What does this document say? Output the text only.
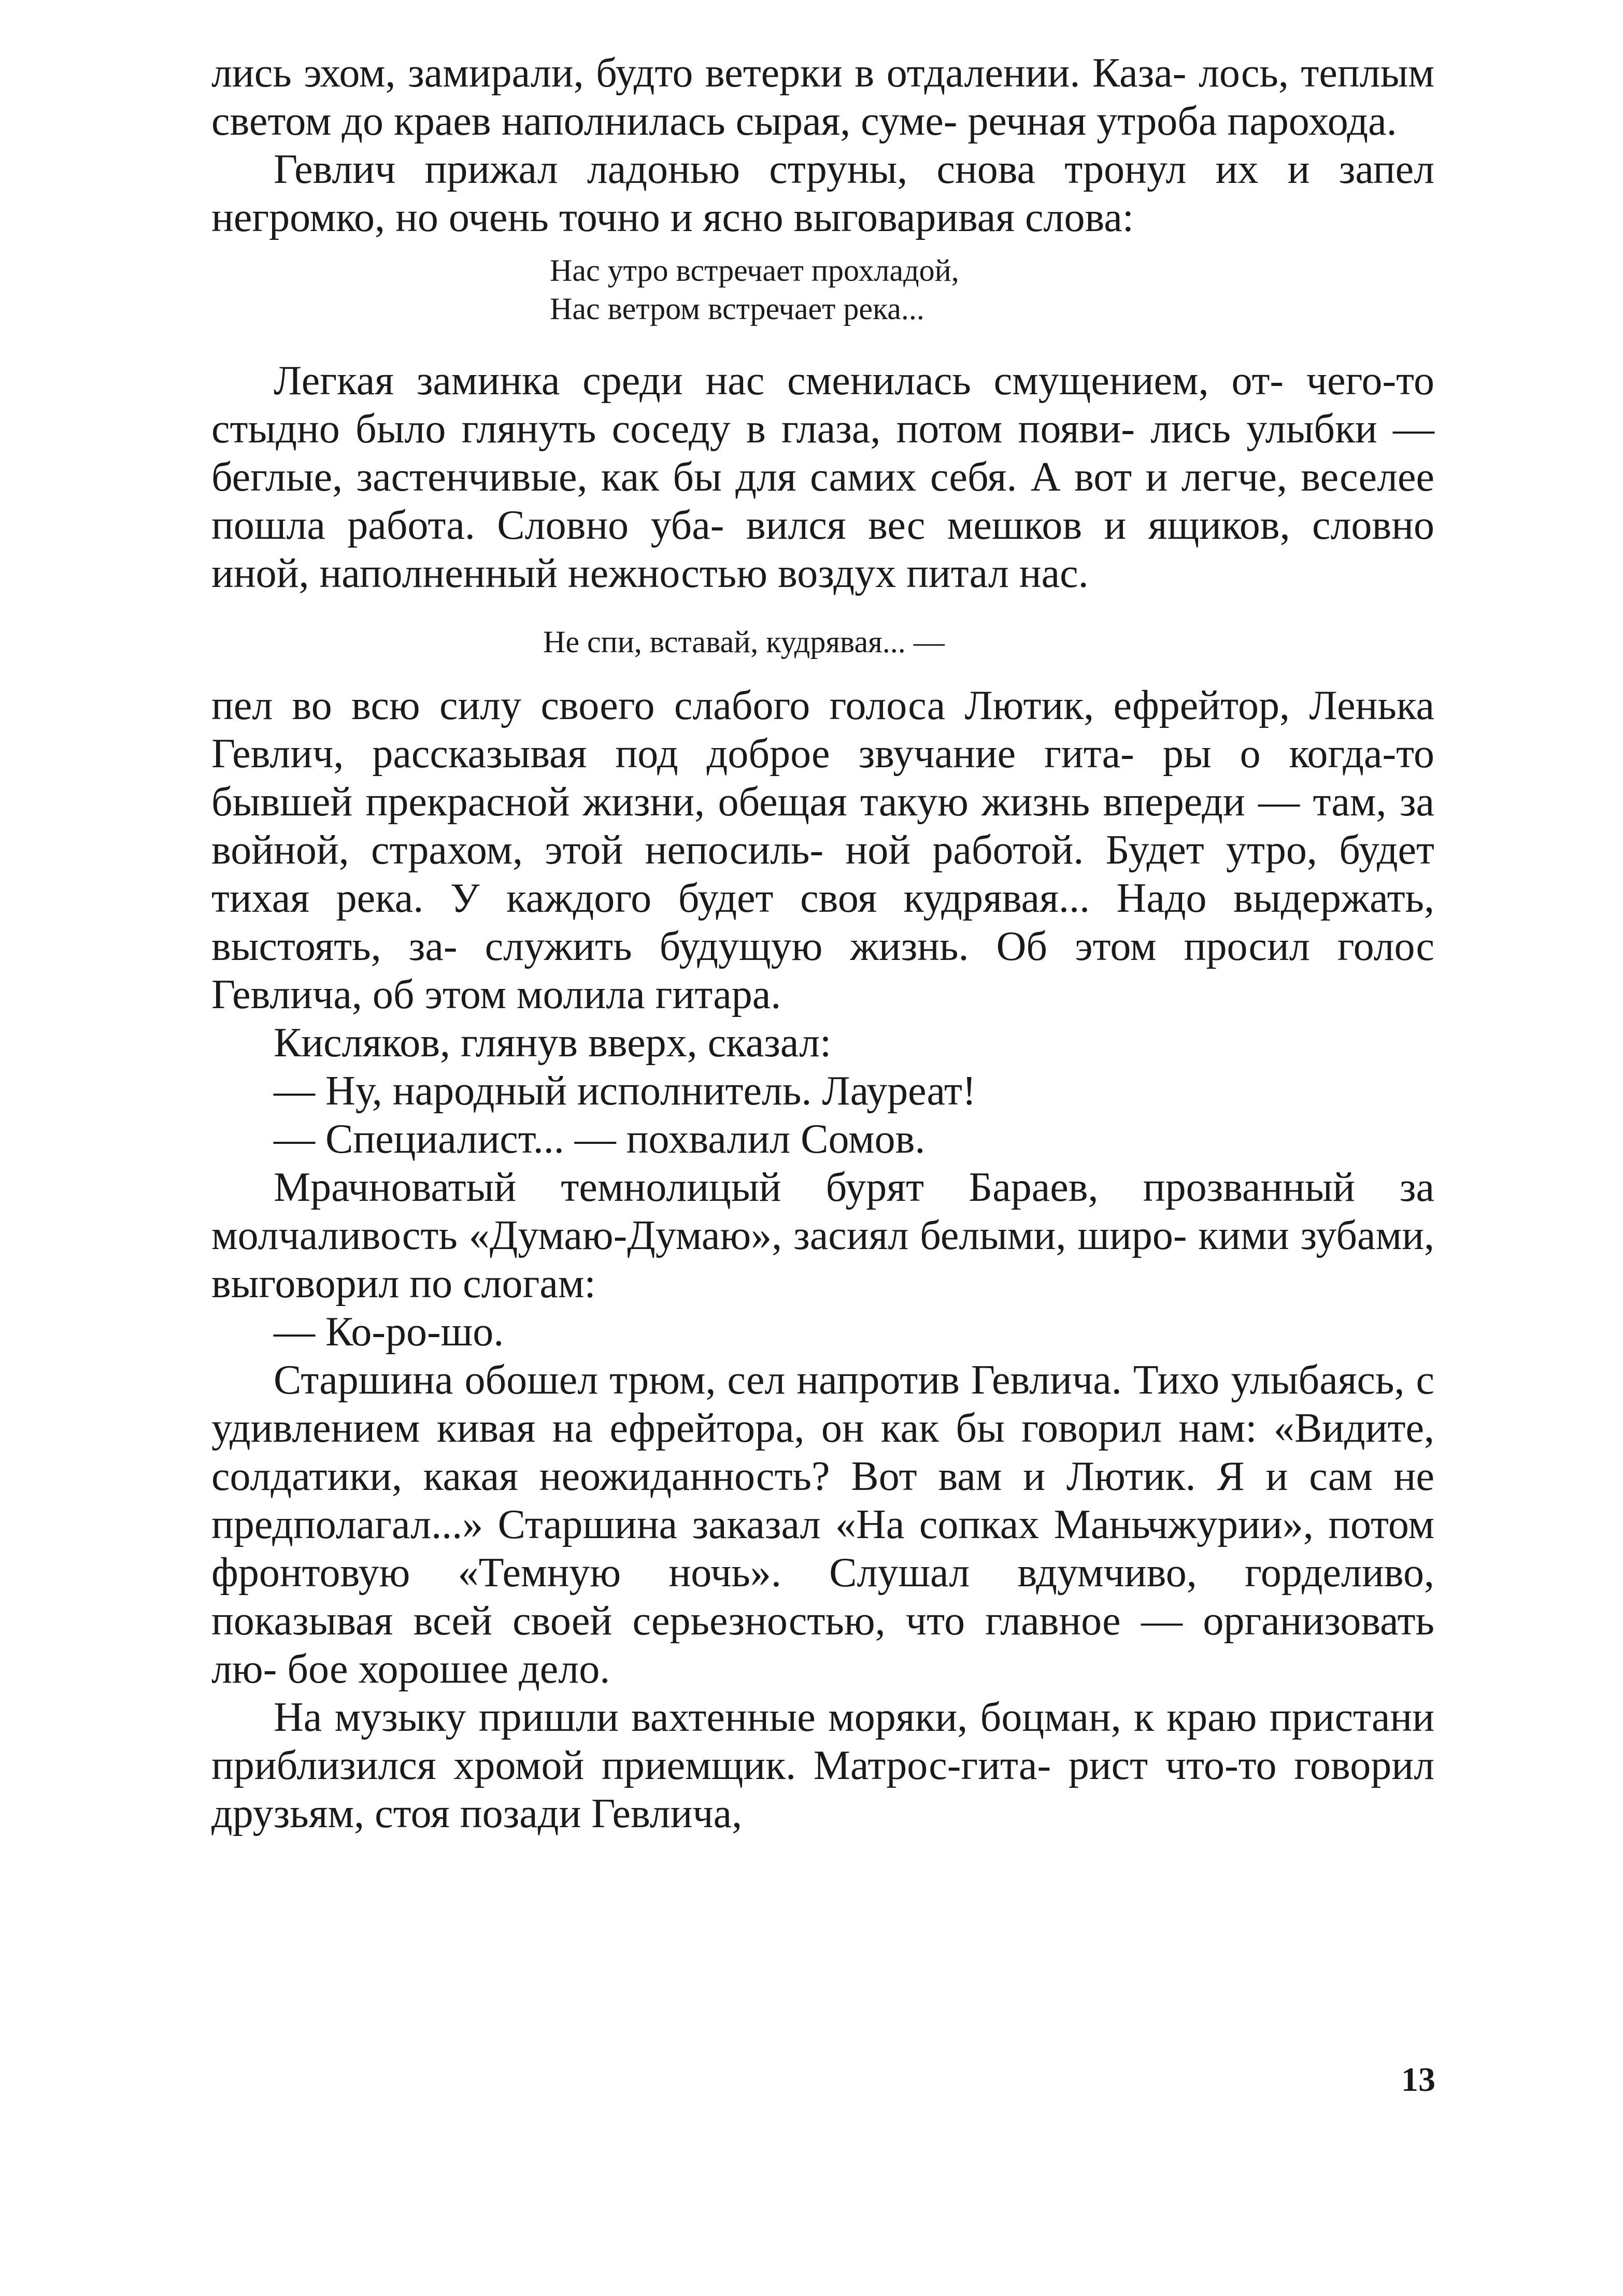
лись эхом, замирали, будто ветерки в отдалении. Каза- лось, теплым светом до краев наполнилась сырая, суме- речная утроба парохода.

Гевлич прижал ладонью струны, снова тронул их и запел негромко, но очень точно и ясно выговаривая слова:

Нас утро встречает прохладой,
Нас ветром встречает река...

Легкая заминка среди нас сменилась смущением, от- чего-то стыдно было глянуть соседу в глаза, потом появи- лись улыбки — беглые, застенчивые, как бы для самих себя. А вот и легче, веселее пошла работа. Словно уба- вился вес мешков и ящиков, словно иной, наполненный нежностью воздух питал нас.

Не спи, вставай, кудрявая... —

пел во всю силу своего слабого голоса Лютик, ефрейтор, Ленька Гевлич, рассказывая под доброе звучание гита- ры о когда-то бывшей прекрасной жизни, обещая такую жизнь впереди — там, за войной, страхом, этой непосиль- ной работой. Будет утро, будет тихая река. У каждого будет своя кудрявая... Надо выдержать, выстоять, за- служить будущую жизнь. Об этом просил голос Гевлича, об этом молила гитара.

Кисляков, глянув вверх, сказал:

— Ну, народный исполнитель. Лауреат!

— Специалист... — похвалил Сомов.

Мрачноватый темнолицый бурят Бараев, прозванный за молчаливость «Думаю-Думаю», засиял белыми, широ- кими зубами, выговорил по слогам:

— Ко-ро-шо.

Старшина обошел трюм, сел напротив Гевлича. Тихо улыбаясь, с удивлением кивая на ефрейтора, он как бы говорил нам: «Видите, солдатики, какая неожиданность? Вот вам и Лютик. Я и сам не предполагал...» Старшина заказал «На сопках Маньчжурии», потом фронтовую «Темную ночь». Слушал вдумчиво, горделиво, показывая всей своей серьезностью, что главное — организовать лю- бое хорошее дело.

На музыку пришли вахтенные моряки, боцман, к краю пристани приблизился хромой приемщик. Матрос-гита- рист что-то говорил друзьям, стоя позади Гевлича,

13
